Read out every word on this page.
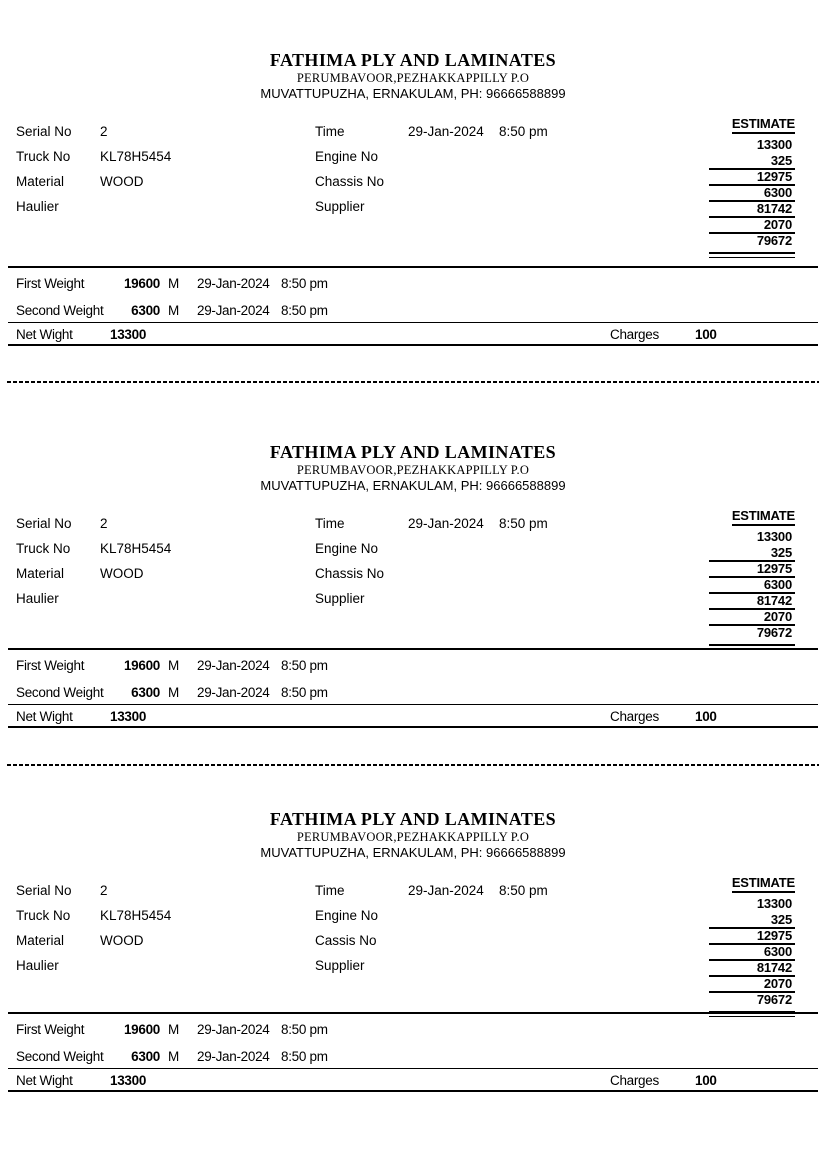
FATHIMA PLY AND LAMINATES
PERUMBAVOOR,PEZHAKKAPPILLY P.O
MUVATTUPUZHA, ERNAKULAM, PH: 96666588899
Serial No 2	Time	29-Jan-2024 8:50 pm
Truck No KL78H5454	Engine No
Material	WOOD	Chassis No
Haulier	Supplier
ESTIMATE
13300
325
12975
6300
81742
2070
79672
First Weight	19600 M 29-Jan-2024 8:50 pm
Second Weight	6300 M 29-Jan-2024 8:50 pm
Net Wight	13300	Charges	100
FATHIMA PLY AND LAMINATES
PERUMBAVOOR,PEZHAKKAPPILLY P.O
MUVATTUPUZHA, ERNAKULAM, PH: 96666588899
Serial No 2	Time	29-Jan-2024 8:50 pm
Truck No KL78H5454	Engine No
Material	WOOD	Chassis No
Haulier	Supplier
ESTIMATE
13300
325
12975
6300
81742
2070
79672
First Weight	19600 M 29-Jan-2024 8:50 pm
Second Weight	6300 M 29-Jan-2024 8:50 pm
Net Wight	13300	Charges	100
FATHIMA PLY AND LAMINATES
PERUMBAVOOR,PEZHAKKAPPILLY P.O
MUVATTUPUZHA, ERNAKULAM, PH: 96666588899
Serial No 2	Time	29-Jan-2024 8:50 pm
Truck No KL78H5454	Engine No
Material	WOOD	Cassis No
Haulier	Supplier
ESTIMATE
13300
325
12975
6300
81742
2070
79672
First Weight	19600 M 29-Jan-2024 8:50 pm
Second Weight	6300 M 29-Jan-2024 8:50 pm
Net Wight	13300	Charges	100
